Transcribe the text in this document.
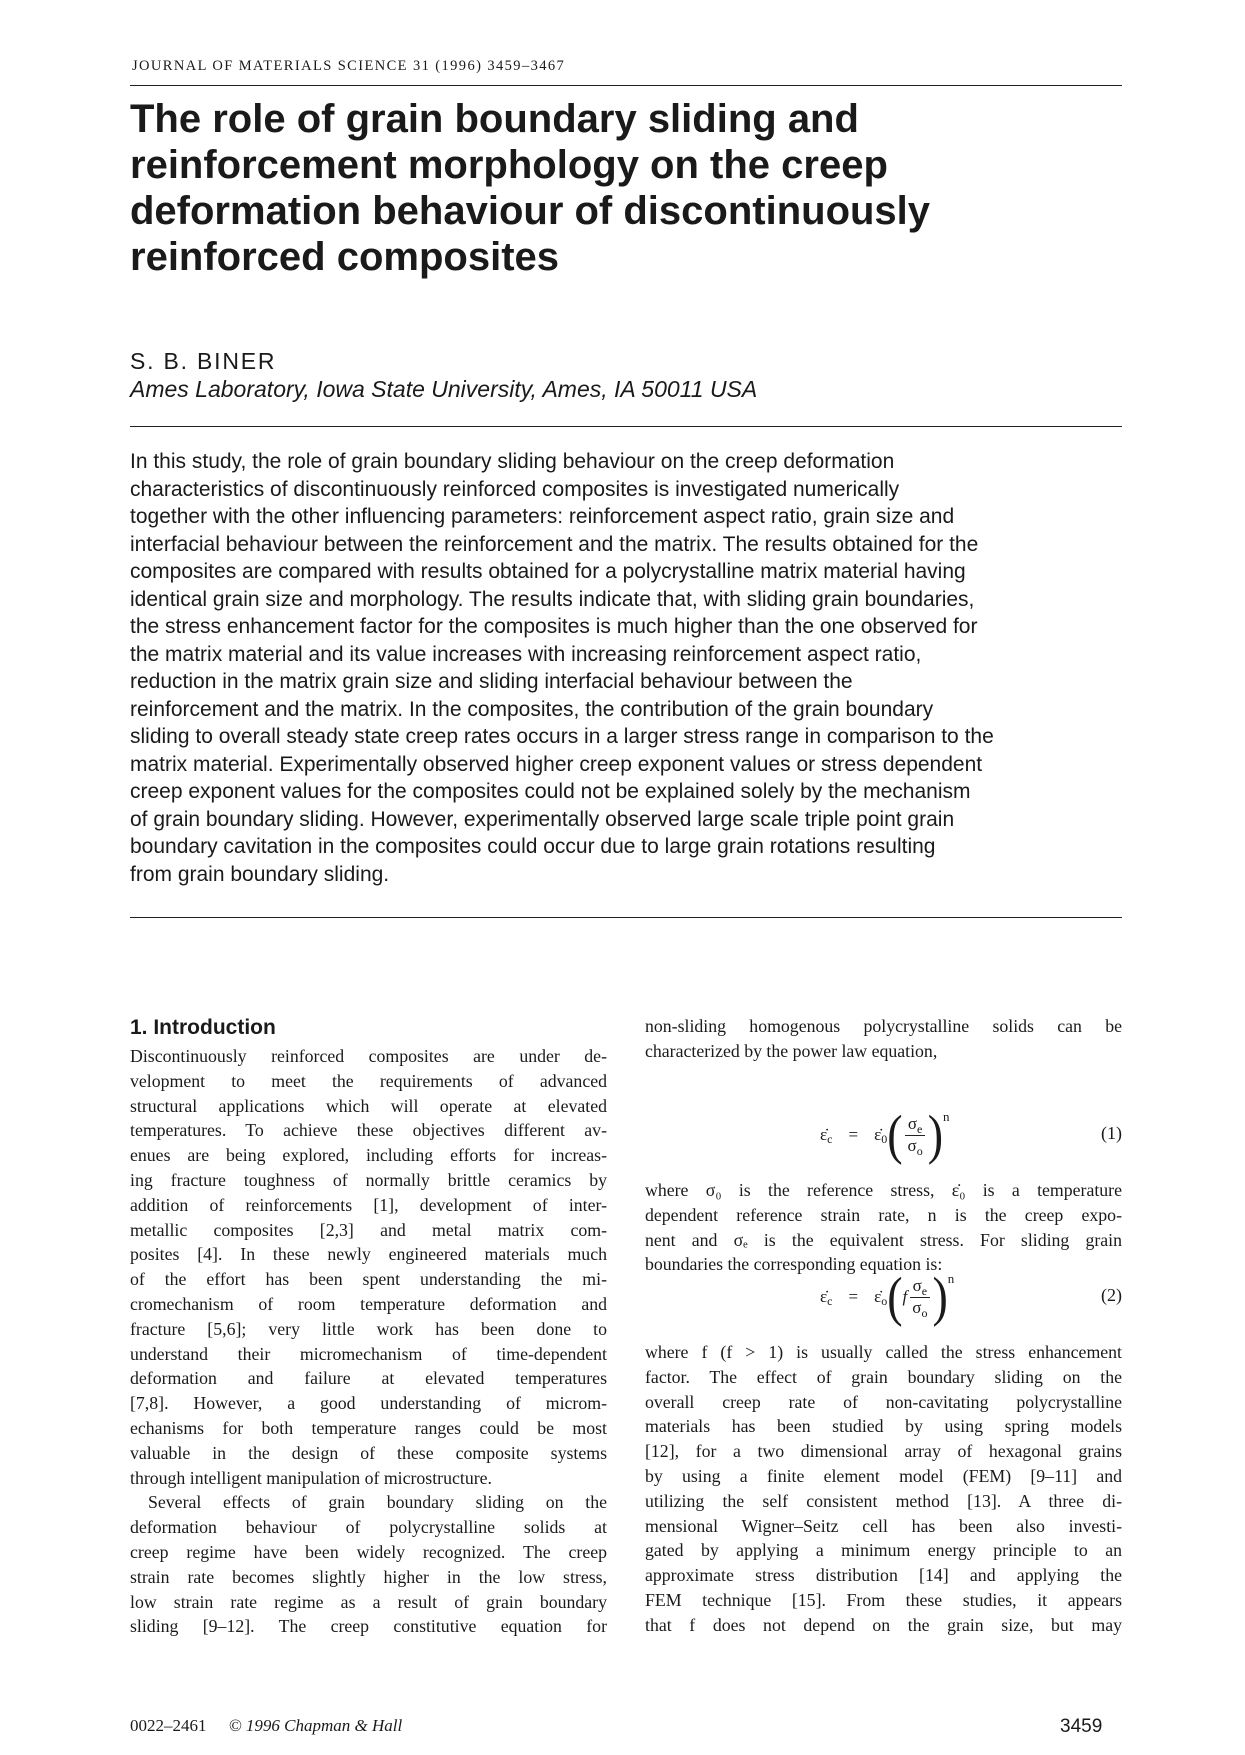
JOURNAL OF MATERIALS SCIENCE 31 (1996) 3459–3467
The role of grain boundary sliding and
reinforcement morphology on the creep
deformation behaviour of discontinuously
reinforced composites
S. B. BINER
Ames Laboratory, Iowa State University, Ames, IA 50011 USA
In this study, the role of grain boundary sliding behaviour on the creep deformation
characteristics of discontinuously reinforced composites is investigated numerically
together with the other influencing parameters: reinforcement aspect ratio, grain size and
interfacial behaviour between the reinforcement and the matrix. The results obtained for the
composites are compared with results obtained for a polycrystalline matrix material having
identical grain size and morphology. The results indicate that, with sliding grain boundaries,
the stress enhancement factor for the composites is much higher than the one observed for
the matrix material and its value increases with increasing reinforcement aspect ratio,
reduction in the matrix grain size and sliding interfacial behaviour between the
reinforcement and the matrix. In the composites, the contribution of the grain boundary
sliding to overall steady state creep rates occurs in a larger stress range in comparison to the
matrix material. Experimentally observed higher creep exponent values or stress dependent
creep exponent values for the composites could not be explained solely by the mechanism
of grain boundary sliding. However, experimentally observed large scale triple point grain
boundary cavitation in the composites could occur due to large grain rotations resulting
from grain boundary sliding.
1. Introduction
Discontinuously reinforced composites are under de-
velopment to meet the requirements of advanced
structural applications which will operate at elevated
temperatures. To achieve these objectives different av-
enues are being explored, including efforts for increas-
ing fracture toughness of normally brittle ceramics by
addition of reinforcements [1], development of inter-
metallic composites [2,3] and metal matrix com-
posites [4]. In these newly engineered materials much
of the effort has been spent understanding the mi-
cromechanism of room temperature deformation and
fracture [5,6]; very little work has been done to
understand their micromechanism of time-dependent
deformation and failure at elevated temperatures
[7,8]. However, a good understanding of microm-
echanisms for both temperature ranges could be most
valuable in the design of these composite systems
through intelligent manipulation of microstructure.
Several effects of grain boundary sliding on the
deformation behaviour of polycrystalline solids at
creep regime have been widely recognized. The creep
strain rate becomes slightly higher in the low stress,
low strain rate regime as a result of grain boundary
sliding [9–12]. The creep constitutive equation for
non-sliding homogenous polycrystalline solids can be
characterized by the power law equation,
ε̇ c = ε̇ 0 ( $\frac{\sigma_e}{\sigma_o}$ ) n
(1)
where σ₀ is the reference stress, ε̇₀ is a temperature
dependent reference strain rate, n is the creep expo-
nent and σₑ is the equivalent stress. For sliding grain
boundaries the corresponding equation is:
ε̇ c = ε̇ o ( f $\frac{\sigma_e}{\sigma_o}$ ) n
(2)
where f (f > 1) is usually called the stress enhancement
factor. The effect of grain boundary sliding on the
overall creep rate of non-cavitating polycrystalline
materials has been studied by using spring models
[12], for a two dimensional array of hexagonal grains
by using a finite element model (FEM) [9–11] and
utilizing the self consistent method [13]. A three di-
mensional Wigner–Seitz cell has been also investi-
gated by applying a minimum energy principle to an
approximate stress distribution [14] and applying the
FEM technique [15]. From these studies, it appears
that f does not depend on the grain size, but may
0022–2461 © 1996 Chapman & Hall	3459
